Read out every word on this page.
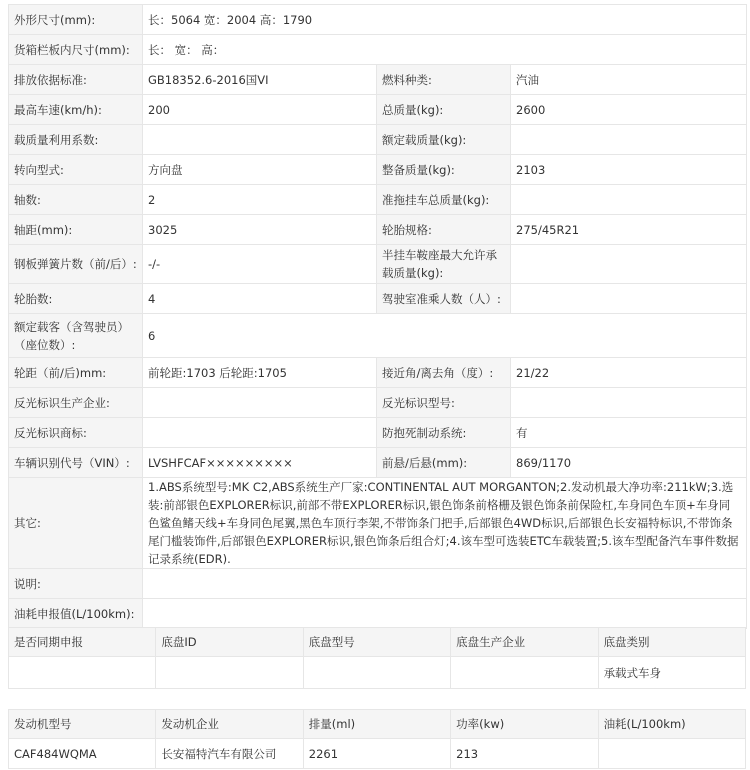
外形尺寸(mm):	长：5064 宽：2004 高：1790		
货箱栏板内尺寸(mm):	长： 宽： 高：		
排放依据标准:	GB18352.6-2016国VI	燃料种类:	汽油
最高车速(km/h):	200	总质量(kg):	2600
载质量利用系数:		额定载质量(kg):	
转向型式:	方向盘	整备质量(kg):	2103
轴数:	2	准拖挂车总质量(kg):	
轴距(mm):	3025	轮胎规格:	275/45R21
钢板弹簧片数（前/后）:	-/-	半挂车鞍座最大允许承载质量(kg):	
轮胎数:	4	驾驶室准乘人数（人）:	
额定载客（含驾驶员）（座位数）:	6		
轮距（前/后)mm:	前轮距:1703 后轮距:1705	接近角/离去角（度）:	21/22
反光标识生产企业:		反光标识型号:	
反光标识商标:		防抱死制动系统:	有
车辆识别代号（VIN）:	LVSHFCAF×××××××××	前悬/后悬(mm):	869/1170
其它:	1.ABS系统型号:MK C2,ABS系统生产厂家:CONTINENTAL AUT MORGANTON;2.发动机最大净功率:211kW;3.选装:前部银色EXPLORER标识,前部不带EXPLORER标识,银色饰条前格栅及银色饰条前保险杠,车身同色车顶+车身同色鲨鱼鳍天线+车身同色尾翼,黑色车顶行李架,不带饰条门把手,后部银色4WD标识,后部银色长安福特标识,不带饰条尾门槛装饰件,后部银色EXPLORER标识,银色饰条后组合灯;4.该车型可选装ETC车载装置;5.该车型配备汽车事件数据记录系统(EDR).		
说明:			
油耗申报值(L/100km):			
是否同期申报	底盘ID	底盘型号	底盘生产企业	底盘类别
				承载式车身
发动机型号	发动机企业	排量(ml)	功率(kw)	油耗(L/100km)
CAF484WQMA	长安福特汽车有限公司	2261	213	
